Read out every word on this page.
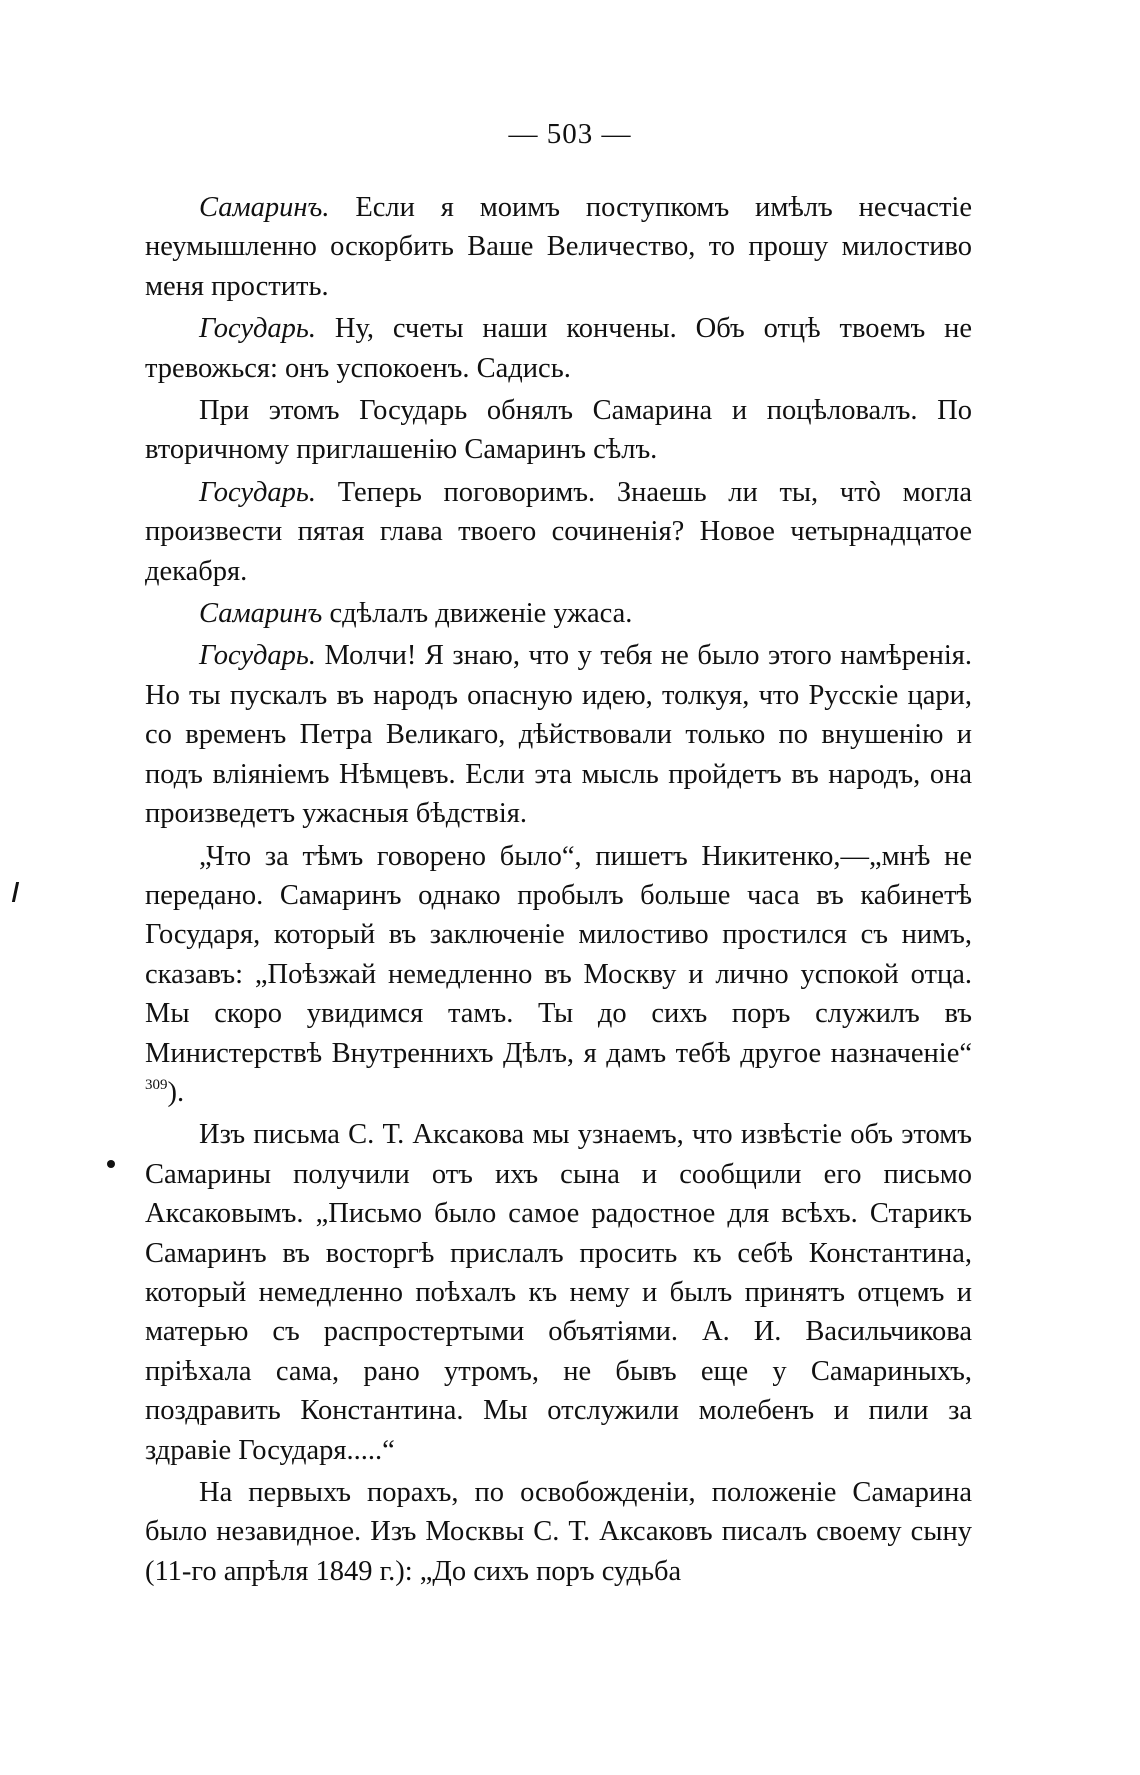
— 503 —

Самаринъ. Если я моимъ поступкомъ имѣлъ несчастіе неумышленно оскорбить Ваше Величество, то прошу милостиво меня простить.

Государь. Ну, счеты наши кончены. Объ отцѣ твоемъ не тревожься: онъ успокоенъ. Садись.

При этомъ Государь обнялъ Самарина и поцѣловалъ. По вторичному приглашенію Самаринъ сѣлъ.

Государь. Теперь поговоримъ. Знаешь ли ты, чтò могла произвести пятая глава твоего сочиненія? Новое четырнадцатое декабря.

Самаринъ сдѣлалъ движеніе ужаса.

Государь. Молчи! Я знаю, что у тебя не было этого намѣренія. Но ты пускалъ въ народъ опасную идею, толкуя, что Русскіе цари, со временъ Петра Великаго, дѣйствовали только по внушенію и подъ вліяніемъ Нѣмцевъ. Если эта мысль пройдетъ въ народъ, она произведетъ ужасныя бѣдствія.

„Что за тѣмъ говорено было“, пишетъ Никитенко,—„мнѣ не передано. Самаринъ однако пробылъ больше часа въ кабинетѣ Государя, который въ заключеніе милостиво простился съ нимъ, сказавъ: „Поѣзжай немедленно въ Москву и лично успокой отца. Мы скоро увидимся тамъ. Ты до сихъ поръ служилъ въ Министерствѣ Внутреннихъ Дѣлъ, я дамъ тебѣ другое назначеніе“ $^{309}$).

Изъ письма С. Т. Аксакова мы узнаемъ, что извѣстіе объ этомъ Самарины получили отъ ихъ сына и сообщили его письмо Аксаковымъ. „Письмо было самое радостное для всѣхъ. Старикъ Самаринъ въ восторгѣ прислалъ просить къ себѣ Константина, который немедленно поѣхалъ къ нему и былъ принятъ отцемъ и матерью съ распростертыми объятіями. А. И. Васильчикова пріѣхала сама, рано утромъ, не бывъ еще у Самариныхъ, поздравить Константина. Мы отслужили молебенъ и пили за здравіе Государя.....“

На первыхъ порахъ, по освобожденіи, положеніе Самарина было незавидное. Изъ Москвы С. Т. Аксаковъ писалъ своему сыну (11-го апрѣля 1849 г.): „До сихъ поръ судьба
